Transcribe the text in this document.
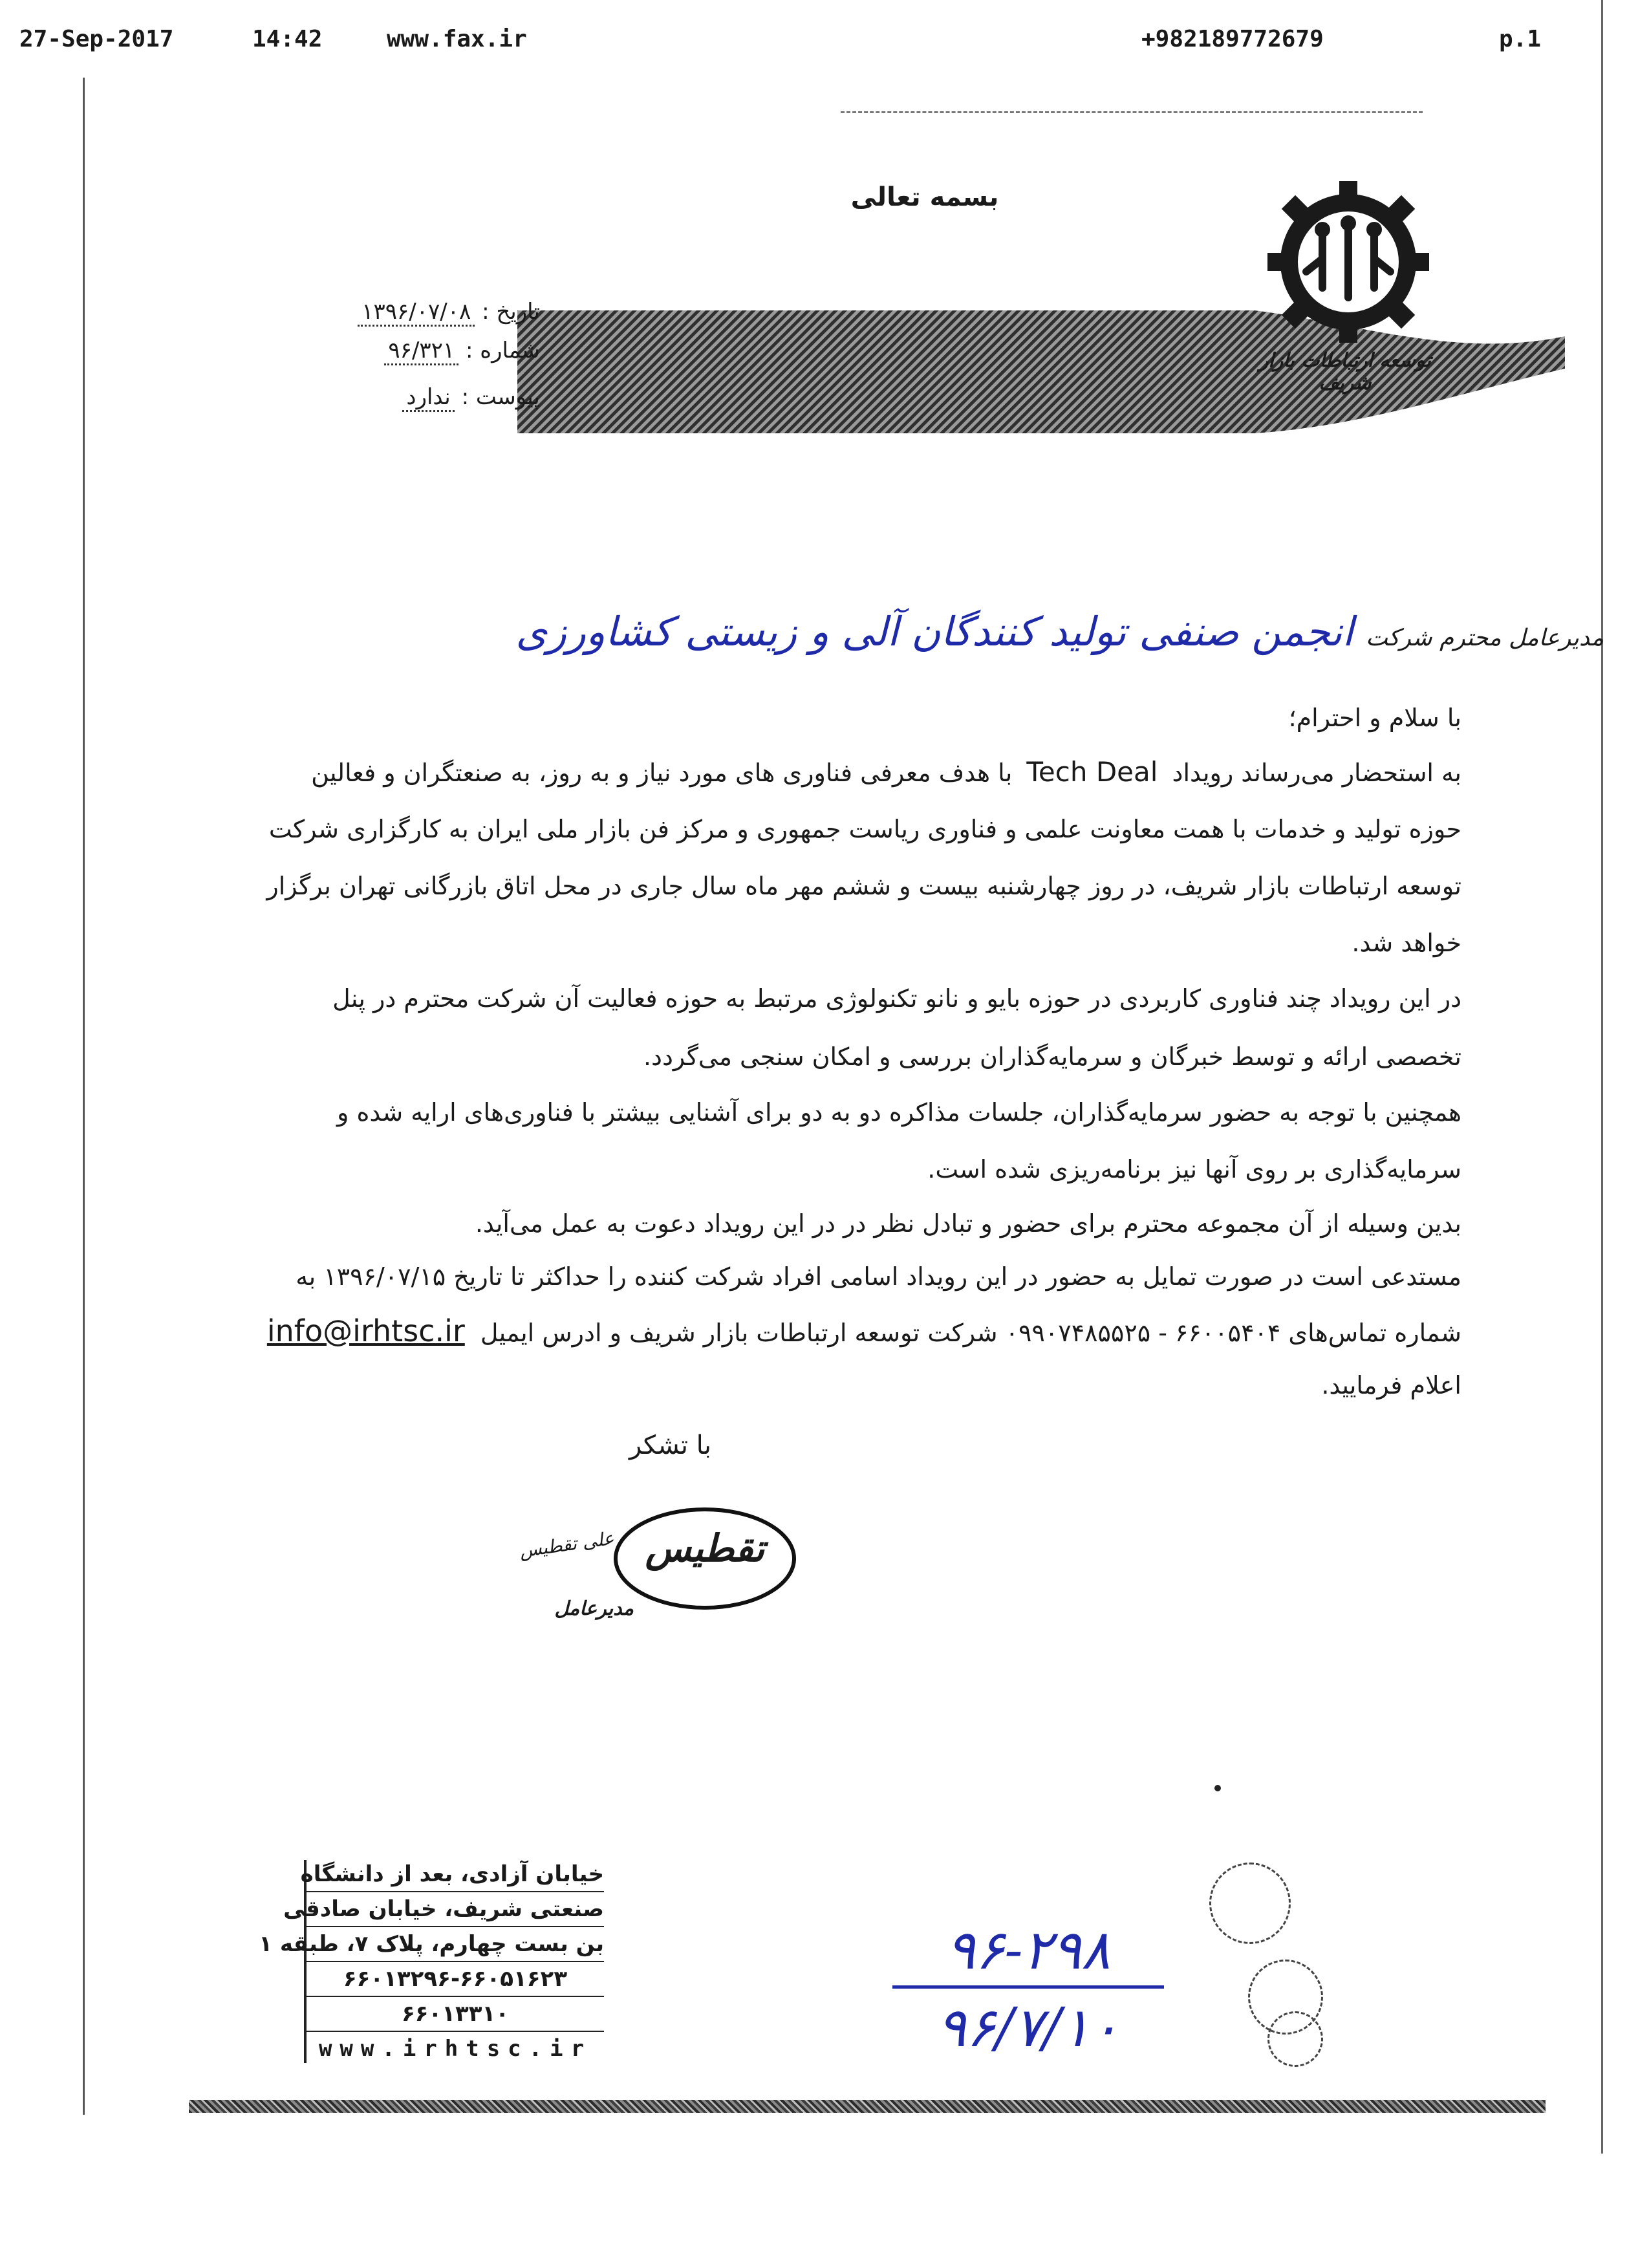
27-Sep-2017	14:42	www.fax.ir	+982189772679	p.1
بسمه تعالی
توسعه ارتباطات بازار شریف
تاریخ : ۱۳۹۶/۰۷/۰۸
شماره : ۹۶/۳۲۱
پیوست : ندارد
مدیرعامل محترم شرکت انجمن صنفی تولید کنندگان آلی و زیستی کشاورزی
با سلام و احترام؛
به استحضار می‌رساند رویداد Tech Deal با هدف معرفی فناوری های مورد نیاز و به روز، به صنعتگران و فعالین
حوزه تولید و خدمات با همت معاونت علمی و فناوری ریاست جمهوری و مرکز فن بازار ملی ایران به کارگزاری شرکت
توسعه ارتباطات بازار شریف، در روز چهارشنبه بیست و ششم مهر ماه سال جاری در محل اتاق بازرگانی تهران برگزار
خواهد شد.
در این رویداد چند فناوری کاربردی در حوزه بایو و نانو تکنولوژی مرتبط به حوزه فعالیت آن شرکت محترم در پنل
تخصصی ارائه و توسط خبرگان و سرمایه‌گذاران بررسی و امکان سنجی می‌گردد.
همچنین با توجه به حضور سرمایه‌گذاران، جلسات مذاکره دو به دو برای آشنایی بیشتر با فناوری‌های ارایه شده و
سرمایه‌گذاری بر روی آنها نیز برنامه‌ریزی شده است.
بدین وسیله از آن مجموعه محترم برای حضور و تبادل نظر در در این رویداد دعوت به عمل می‌آید.
مستدعی است در صورت تمایل به حضور در این رویداد اسامی افراد شرکت کننده را حداکثر تا تاریخ ۱۳۹۶/۰۷/۱۵ به
شماره تماس‌های ۶۶۰۰۵۴۰۴ - ۰۹۹۰۷۴۸۵۵۲۵ شرکت توسعه ارتباطات بازار شریف و ادرس ایمیل info@irhtsc.ir
اعلام فرمایید.
با تشکر
تقطیس
علی تقطیس
مدیرعامل
خیابان آزادی، بعد از دانشگاه
صنعتی شریف، خیابان صادقی
بن بست چهارم، پلاک ۷، طبقه ۱
۶۶۰۱۳۲۹۶-۶۶۰۵۱۶۲۳
۶۶۰۱۳۳۱۰
www.irhtsc.ir
۹۶-۲۹۸
۹۶/۷/۱۰
